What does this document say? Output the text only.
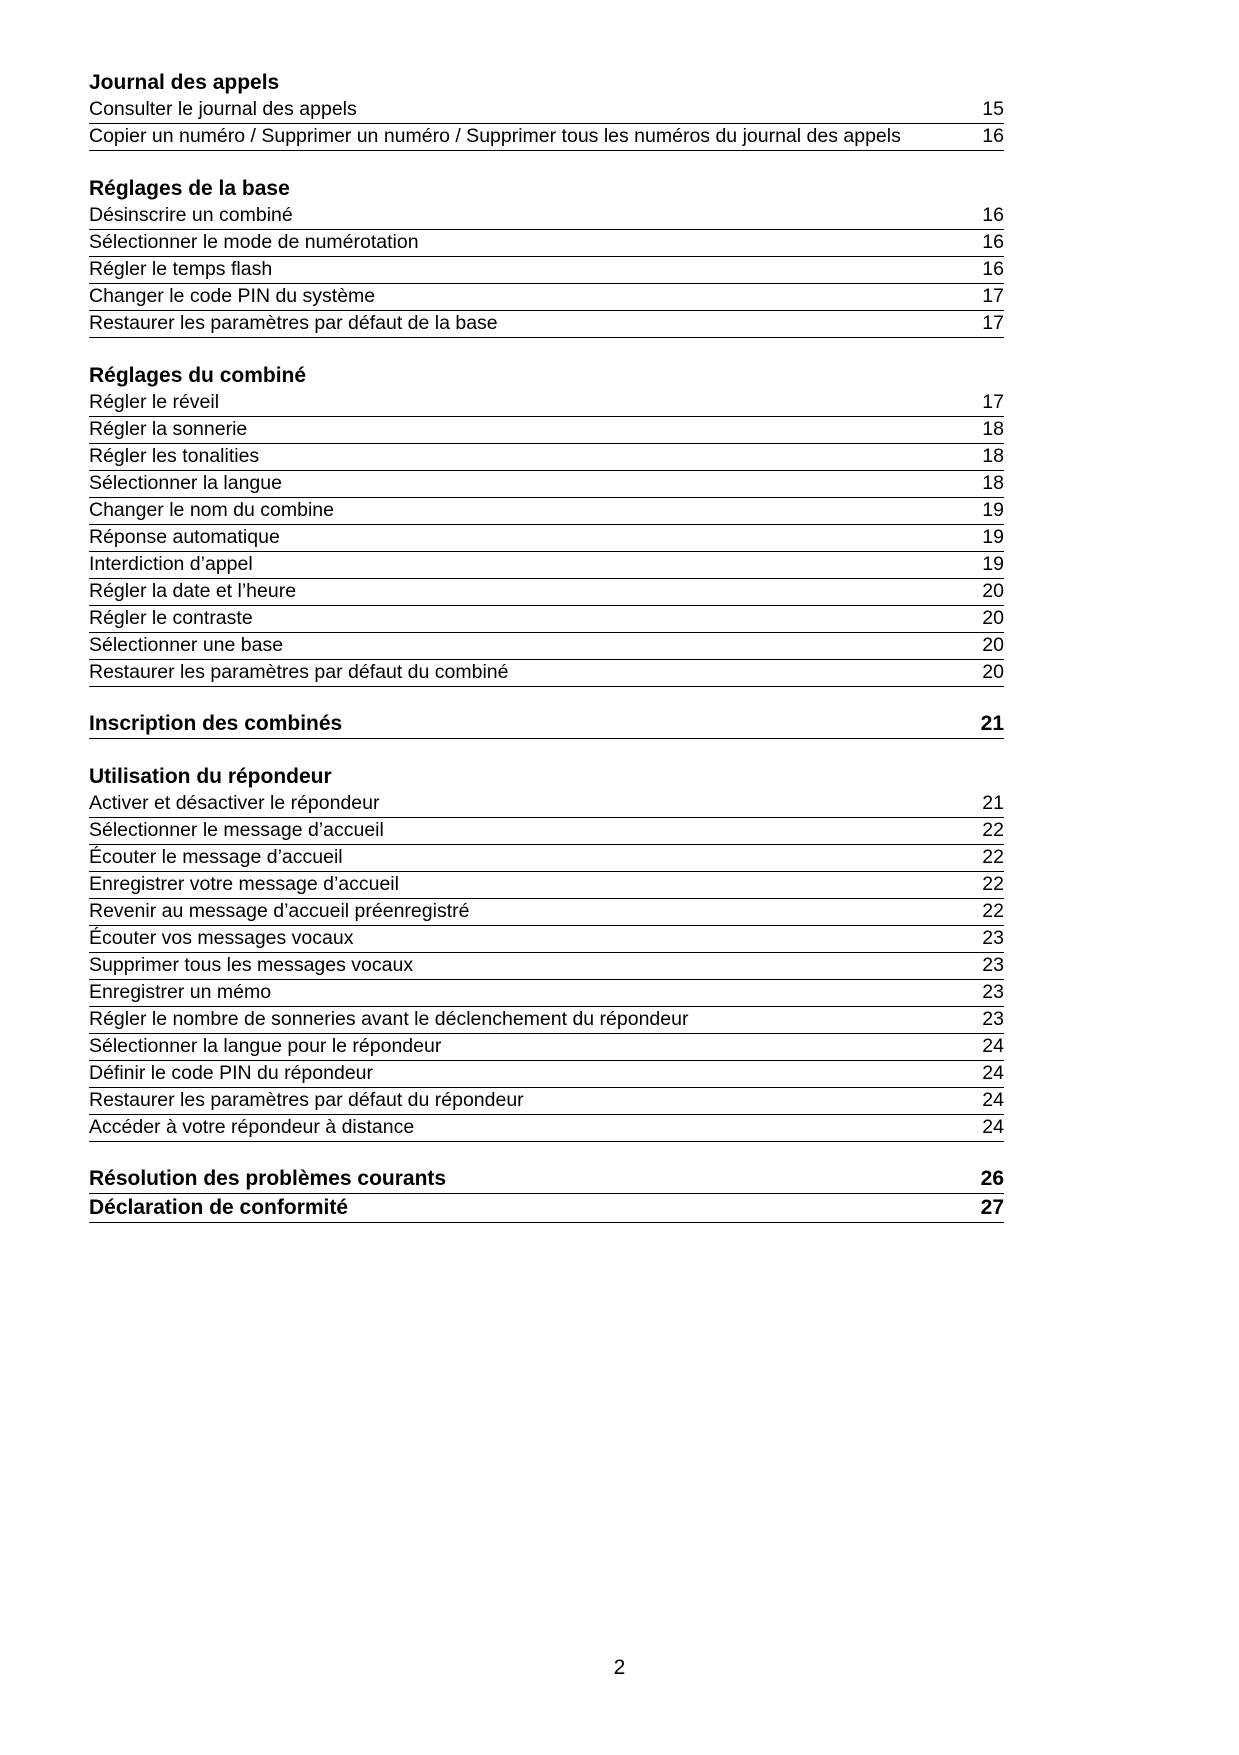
Journal des appels
Consulter le journal des appels	15
Copier un numéro / Supprimer un numéro / Supprimer tous les numéros du journal des appels	16
Réglages de la base
Désinscrire un combiné	16
Sélectionner le mode de numérotation	16
Régler le temps flash	16
Changer le code PIN du système	17
Restaurer les paramètres par défaut de la base	17
Réglages du combiné
Régler le réveil	17
Régler la sonnerie	18
Régler les tonalities	18
Sélectionner la langue	18
Changer le nom du combine	19
Réponse automatique	19
Interdiction d’appel	19
Régler la date et l’heure	20
Régler le contraste	20
Sélectionner une base	20
Restaurer les paramètres par défaut du combiné	20
Inscription des combinés	21
Utilisation du répondeur
Activer et désactiver le répondeur	21
Sélectionner le message d’accueil	22
Écouter le message d’accueil	22
Enregistrer votre message d’accueil	22
Revenir au message d’accueil préenregistré	22
Écouter vos messages vocaux	23
Supprimer tous les messages vocaux	23
Enregistrer un mémo	23
Régler le nombre de sonneries avant le déclenchement du répondeur	23
Sélectionner la langue pour le répondeur	24
Définir le code PIN du répondeur	24
Restaurer les paramètres par défaut du répondeur	24
Accéder à votre répondeur à distance	24
Résolution des problèmes courants	26
Déclaration de conformité	27
2
